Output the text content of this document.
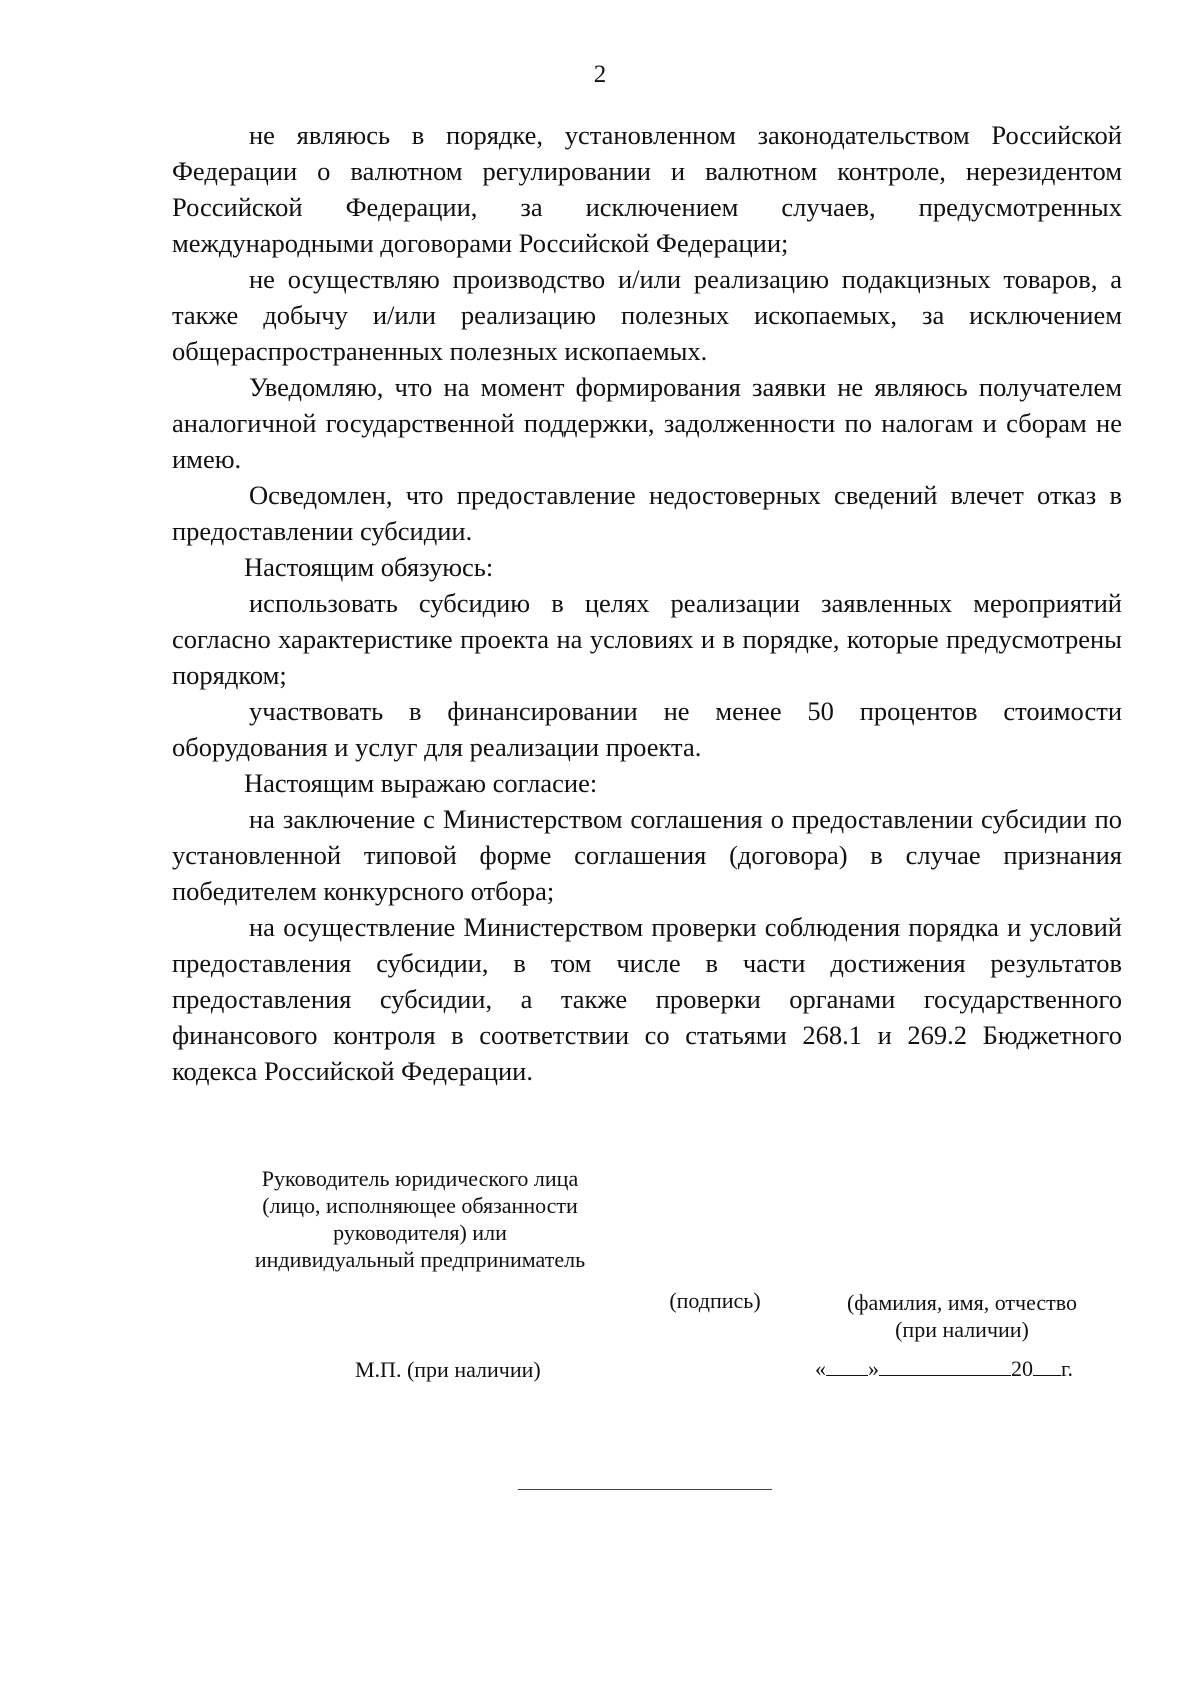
2

не являюсь в порядке, установленном законодательством Российской Федерации о валютном регулировании и валютном контроле, нерезидентом Российской Федерации, за исключением случаев, предусмотренных международными договорами Российской Федерации;

не осуществляю производство и/или реализацию подакцизных товаров, а также добычу и/или реализацию полезных ископаемых, за исключением общераспространенных полезных ископаемых.

Уведомляю, что на момент формирования заявки не являюсь получателем аналогичной государственной поддержки, задолженности по налогам и сборам не имею.

Осведомлен, что предоставление недостоверных сведений влечет отказ в предоставлении субсидии.

Настоящим обязуюсь:

использовать субсидию в целях реализации заявленных мероприятий согласно характеристике проекта на условиях и в порядке, которые предусмотрены порядком;

участвовать в финансировании не менее 50 процентов стоимости оборудования и услуг для реализации проекта.

Настоящим выражаю согласие:

на заключение с Министерством соглашения о предоставлении субсидии по установленной типовой форме соглашения (договора) в случае признания победителем конкурсного отбора;

на осуществление Министерством проверки соблюдения порядка и условий предоставления субсидии, в том числе в части достижения результатов предоставления субсидии, а также проверки органами государственного финансового контроля в соответствии со статьями 268.1 и 269.2 Бюджетного кодекса Российской Федерации.

Руководитель юридического лица
(лицо, исполняющее обязанности
руководителя) или
индивидуальный предприниматель
(подпись)	(фамилия, имя, отчество
(при наличии)
М.П. (при наличии)	« »	20 г.
